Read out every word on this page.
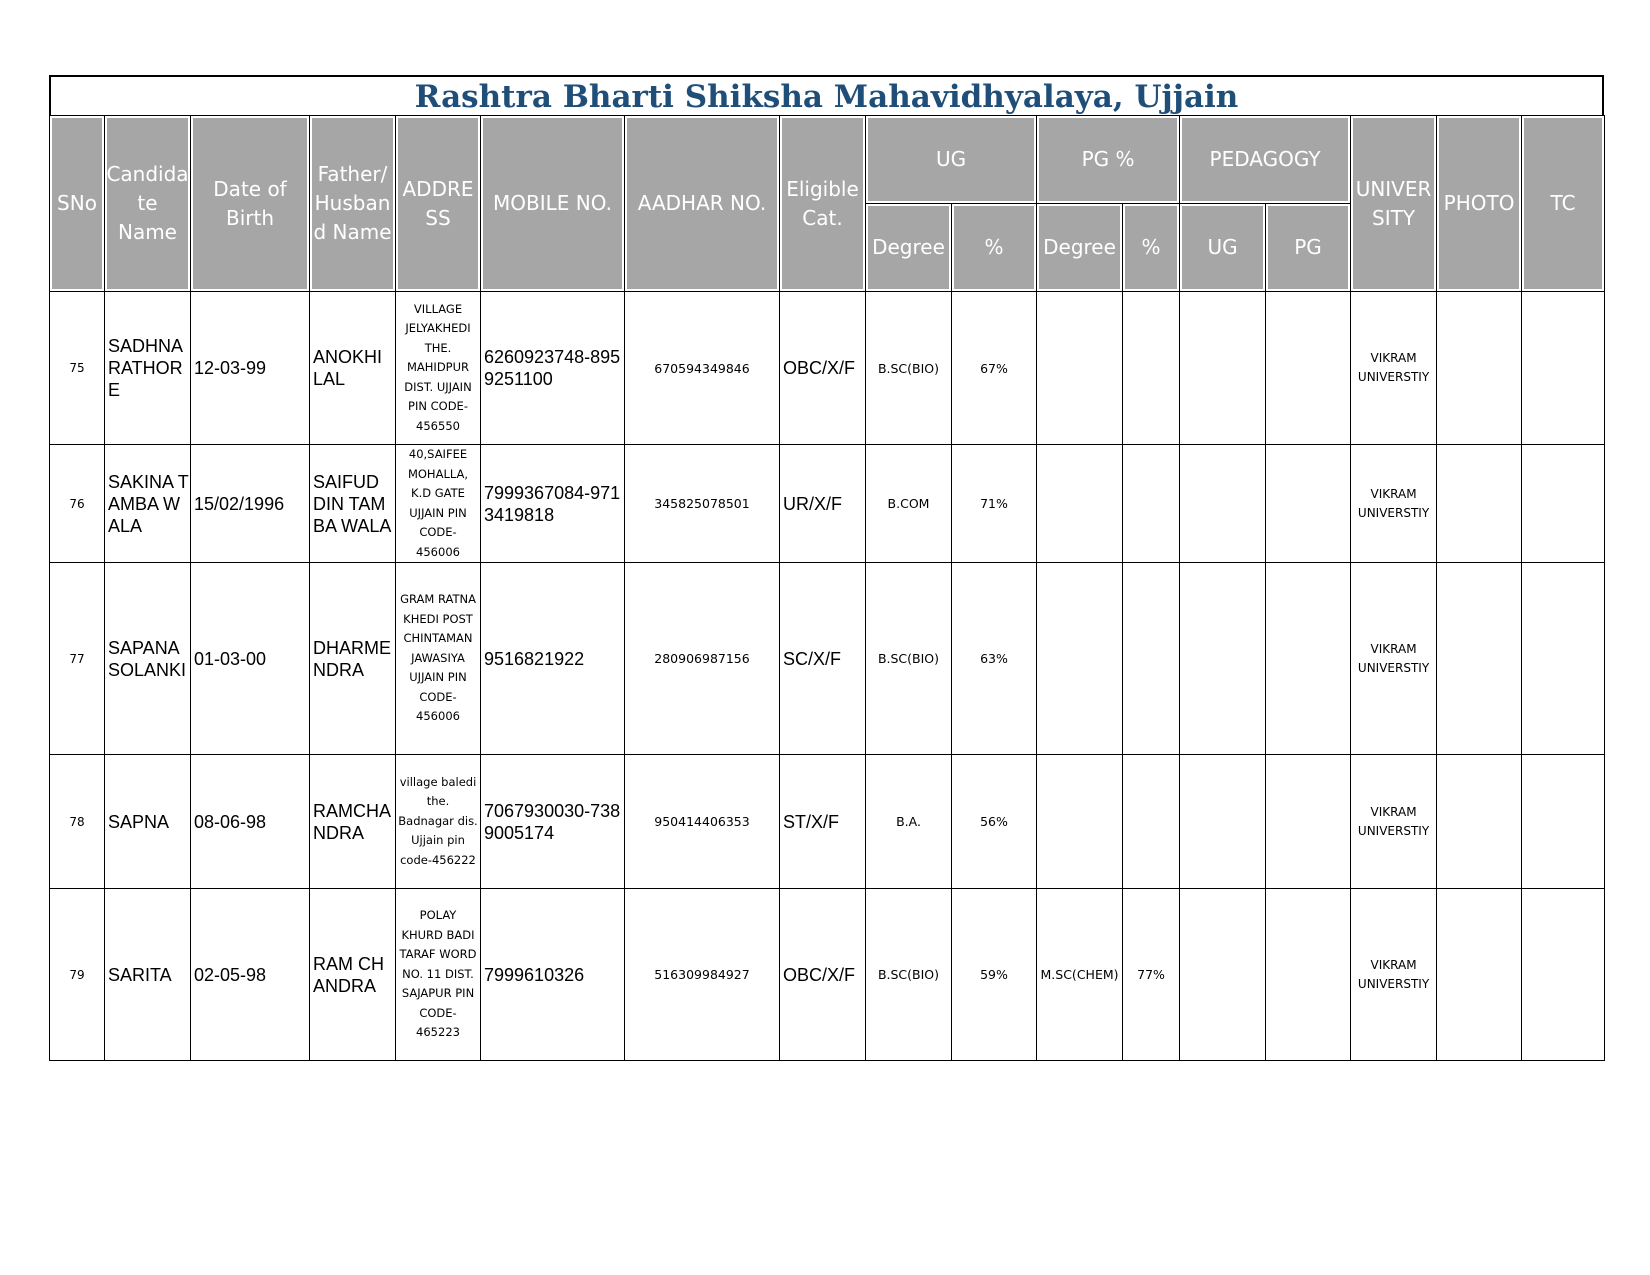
Rashtra Bharti Shiksha Mahavidhyalaya, Ujjain
SNo	Candida te Name	Date of Birth	Father/ Husban d Name	ADDRE SS	MOBILE NO.	AADHAR NO.	Eligible Cat.	UG		PG %		PEDAGOGY		UNIVER SITY	PHOTO	TC
								Degree	%	Degree	%	UG	PG			
75	SADHNA RATHORE	12-03-99	ANOKHI LAL	VILLAGE JELYAKHEDI THE. MAHIDPUR DIST. UJJAIN PIN CODE-456550	6260923748-8959251100	670594349846	OBC/X/F	B.SC(BIO)	67%					VIKRAM UNIVERSTIY		
76	SAKINA TAMBA WALA	15/02/1996	SAIFUD DIN TAMBA WALA	40,SAIFEE MOHALLA, K.D GATE UJJAIN PIN CODE-456006	7999367084-9713419818	345825078501	UR/X/F	B.COM	71%					VIKRAM UNIVERSTIY		
77	SAPANA SOLANKI	01-03-00	DHARMENDRA	GRAM RATNA KHEDI POST CHINTAMAN JAWASIYA UJJAIN PIN CODE-456006	9516821922	280906987156	SC/X/F	B.SC(BIO)	63%					VIKRAM UNIVERSTIY		
78	SAPNA	08-06-98	RAMCHANDRA	village baledi the. Badnagar dis. Ujjain pin code-456222	7067930030-7389005174	950414406353	ST/X/F	B.A.	56%					VIKRAM UNIVERSTIY		
79	SARITA	02-05-98	RAM CHANDRA	POLAY KHURD BADI TARAF WORD NO. 11 DIST. SAJAPUR PIN CODE-465223	7999610326	516309984927	OBC/X/F	B.SC(BIO)	59%	M.SC(CHEM)	77%			VIKRAM UNIVERSTIY		
